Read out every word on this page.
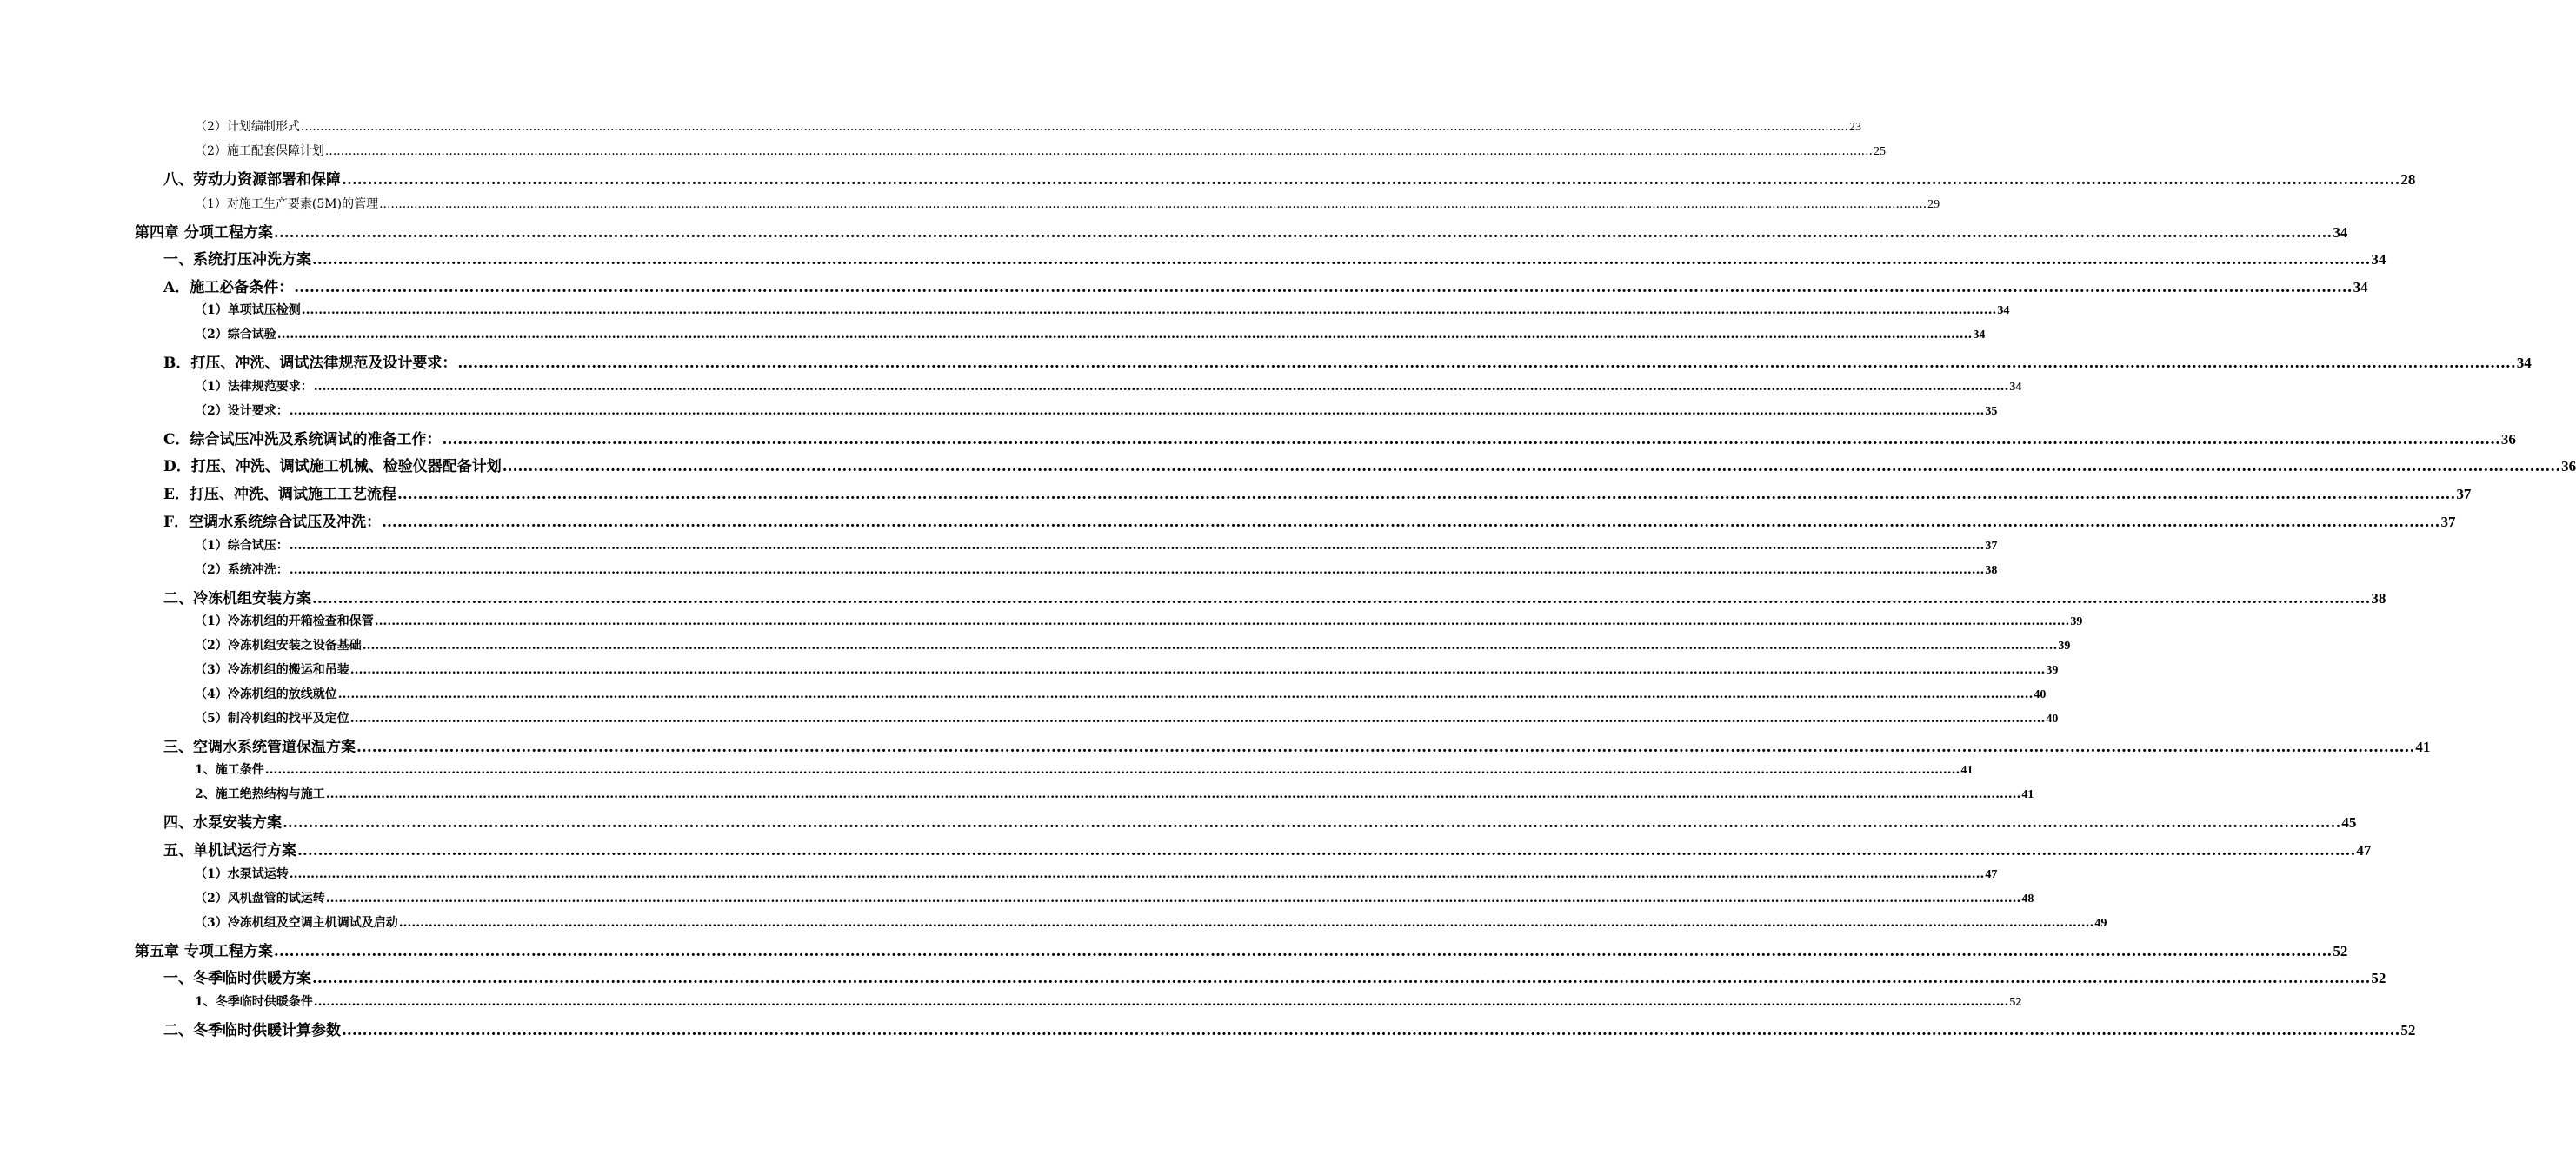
（2）计划编制形式 ................................................................................................................................................................................................................................................................................................................................................................................................................ 23
（2）施工配套保障计划 ................................................................................................................................................................................................................................................................................................................................................................................................................ 25
八、劳动力资源部署和保障 ................................................................................................................................................................................................................................................................................................................................................................................................................ 28
（1）对施工生产要素(5M)的管理 ................................................................................................................................................................................................................................................................................................................................................................................................................ 29
第四章 分项工程方案 ................................................................................................................................................................................................................................................................................................................................................................................................................ 34
一、系统打压冲洗方案 ................................................................................................................................................................................................................................................................................................................................................................................................................ 34
A．施工必备条件： ................................................................................................................................................................................................................................................................................................................................................................................................................ 34
（1）单项试压检测 ................................................................................................................................................................................................................................................................................................................................................................................................................ 34
（2）综合试验 ................................................................................................................................................................................................................................................................................................................................................................................................................ 34
B．打压、冲洗、调试法律规范及设计要求： ................................................................................................................................................................................................................................................................................................................................................................................................................ 34
（1）法律规范要求： ................................................................................................................................................................................................................................................................................................................................................................................................................ 34
（2）设计要求： ................................................................................................................................................................................................................................................................................................................................................................................................................ 35
C．综合试压冲洗及系统调试的准备工作： ................................................................................................................................................................................................................................................................................................................................................................................................................ 36
D．打压、冲洗、调试施工机械、检验仪器配备计划 ................................................................................................................................................................................................................................................................................................................................................................................................................ 36
E．打压、冲洗、调试施工工艺流程 ................................................................................................................................................................................................................................................................................................................................................................................................................ 37
F．空调水系统综合试压及冲洗： ................................................................................................................................................................................................................................................................................................................................................................................................................ 37
（1）综合试压： ................................................................................................................................................................................................................................................................................................................................................................................................................ 37
（2）系统冲洗： ................................................................................................................................................................................................................................................................................................................................................................................................................ 38
二、冷冻机组安装方案 ................................................................................................................................................................................................................................................................................................................................................................................................................ 38
（1）冷冻机组的开箱检查和保管 ................................................................................................................................................................................................................................................................................................................................................................................................................ 39
（2）冷冻机组安装之设备基础 ................................................................................................................................................................................................................................................................................................................................................................................................................ 39
（3）冷冻机组的搬运和吊装 ................................................................................................................................................................................................................................................................................................................................................................................................................ 39
（4）冷冻机组的放线就位 ................................................................................................................................................................................................................................................................................................................................................................................................................ 40
（5）制冷机组的找平及定位 ................................................................................................................................................................................................................................................................................................................................................................................................................ 40
三、空调水系统管道保温方案 ................................................................................................................................................................................................................................................................................................................................................................................................................ 41
1、施工条件 ................................................................................................................................................................................................................................................................................................................................................................................................................ 41
2、施工绝热结构与施工 ................................................................................................................................................................................................................................................................................................................................................................................................................ 41
四、水泵安装方案 ................................................................................................................................................................................................................................................................................................................................................................................................................ 45
五、单机试运行方案 ................................................................................................................................................................................................................................................................................................................................................................................................................ 47
（1）水泵试运转 ................................................................................................................................................................................................................................................................................................................................................................................................................ 47
（2）风机盘管的试运转 ................................................................................................................................................................................................................................................................................................................................................................................................................ 48
（3）冷冻机组及空调主机调试及启动 ................................................................................................................................................................................................................................................................................................................................................................................................................ 49
第五章 专项工程方案 ................................................................................................................................................................................................................................................................................................................................................................................................................ 52
一、冬季临时供暖方案 ................................................................................................................................................................................................................................................................................................................................................................................................................ 52
1、冬季临时供暖条件 ................................................................................................................................................................................................................................................................................................................................................................................................................ 52
二、冬季临时供暖计算参数 ................................................................................................................................................................................................................................................................................................................................................................................................................ 52
